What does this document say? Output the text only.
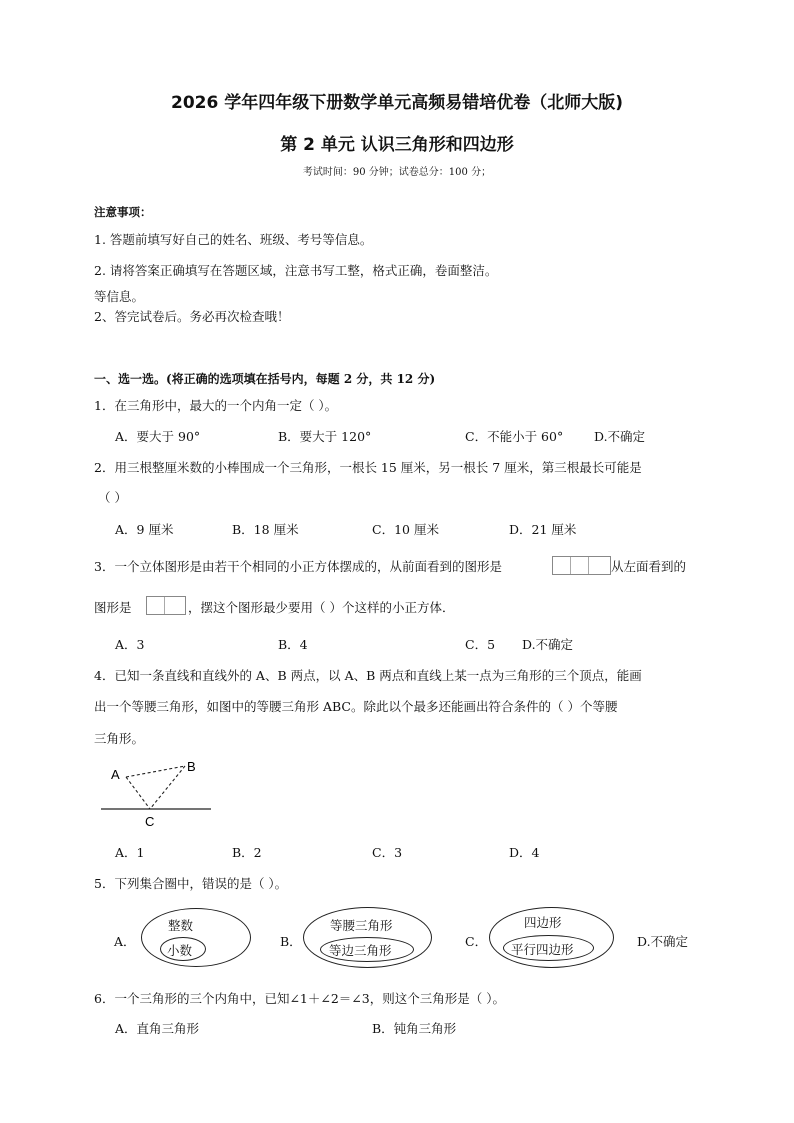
2026 学年四年级下册数学单元高频易错培优卷（北师大版)
第 2 单元 认识三角形和四边形
考试时间：90 分钟；试卷总分：100 分；
注意事项：
1. 答题前填写好自己的姓名、班级、考号等信息。
2. 请将答案正确填写在答题区域，注意书写工整，格式正确，卷面整洁。
等信息。
2、答完试卷后。务必再次检查哦！
一、选一选。(将正确的选项填在括号内，每题 2 分，共 12 分)
1．在三角形中，最大的一个内角一定（ ）。
A．要大于 90°	B．要大于 120°	C．不能小于 60° D.不确定
2．用三根整厘米数的小棒围成一个三角形，一根长 15 厘米，另一根长 7 厘米，第三根最长可能是
（ ）
A．9 厘米	B．18 厘米	C．10 厘米	D．21 厘米
3．一个立体图形是由若干个相同的小正方体摆成的，从前面看到的图形是	从左面看到的
图形是	，摆这个图形最少要用（ ）个这样的小正方体．
A．3	B．4	C．5 D.不确定
4．已知一条直线和直线外的 A、B 两点，以 A、B 两点和直线上某一点为三角形的三个顶点，能画
出一个等腰三角形，如图中的等腰三角形 ABC。除此以个最多还能画出符合条件的（ ）个等腰
三角形。
A
B
C
A．1	B．2	C．3	D．4
5．下列集合圈中，错误的是（ ）。
A．
整数
小数
B．
等腰三角形
等边三角形
C．
四边形
平行四边形
D.不确定
6．一个三角形的三个内角中，已知∠1＋∠2＝∠3，则这个三角形是（ ）。
A．直角三角形	B．钝角三角形
